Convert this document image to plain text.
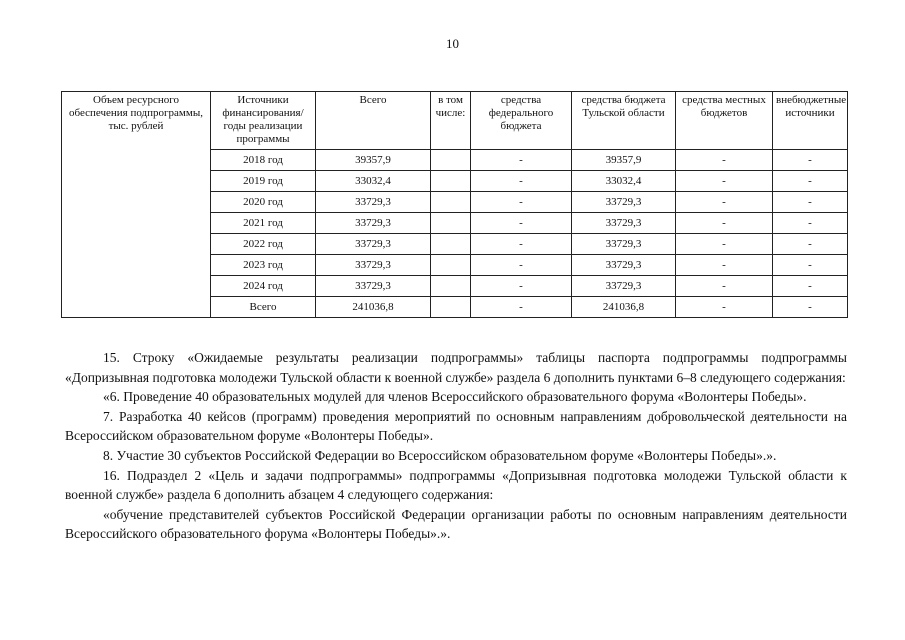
10
Объем ресурсного обеспечения подпрограммы, тыс. рублей	Источники финансирования/ годы реализации программы	Всего	в том числе:	средства федерального бюджета	средства бюджета Тульской области	средства местных бюджетов	внебюджетные источники
	2018 год	39357,9		-	39357,9	-	-
	2019 год	33032,4		-	33032,4	-	-
	2020 год	33729,3		-	33729,3	-	-
	2021 год	33729,3		-	33729,3	-	-
	2022 год	33729,3		-	33729,3	-	-
	2023 год	33729,3		-	33729,3	-	-
	2024 год	33729,3		-	33729,3	-	-
	Всего	241036,8		-	241036,8	-	-

15. Строку «Ожидаемые результаты реализации подпрограммы» таблицы паспорта подпрограммы подпрограммы «Допризывная подготовка молодежи Тульской области к военной службе» раздела 6 дополнить пунктами 6–8 следующего содержания:

«6. Проведение 40 образовательных модулей для членов Всероссийского образовательного форума «Волонтеры Победы».

7. Разработка 40 кейсов (программ) проведения мероприятий по основным направлениям добровольческой деятельности на Всероссийском образовательном форуме «Волонтеры Победы».

8. Участие 30 субъектов Российской Федерации во Всероссийском образовательном форуме «Волонтеры Победы».».

16. Подраздел 2 «Цель и задачи подпрограммы» подпрограммы «Допризывная подготовка молодежи Тульской области к военной службе» раздела 6 дополнить абзацем 4 следующего содержания:

«обучение представителей субъектов Российской Федерации организации работы по основным направлениям деятельности Всероссийского образовательного форума «Волонтеры Победы».».
